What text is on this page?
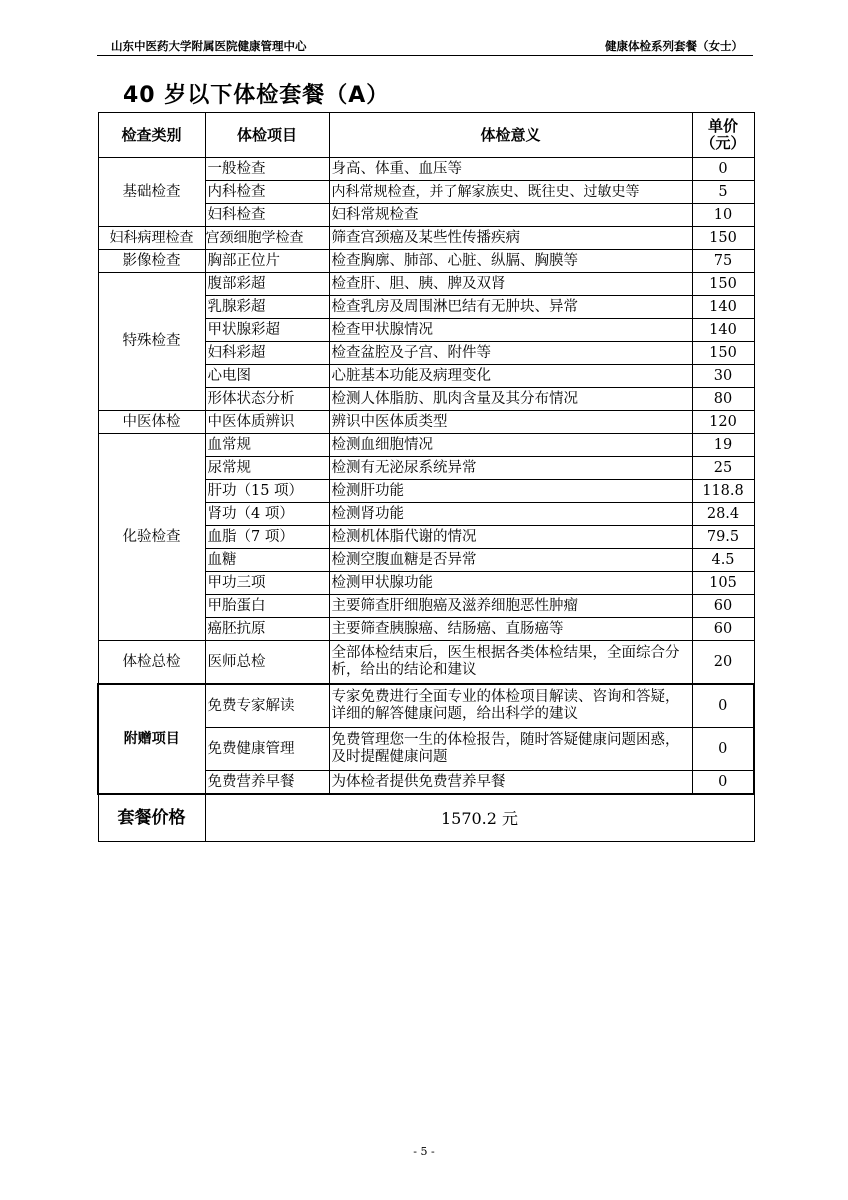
山东中医药大学附属医院健康管理中心	健康体检系列套餐（女士）
40 岁以下体检套餐（A）
检查类别	体检项目	体检意义	单价
（元）
基础检查	一般检查	身高、体重、血压等	0
	内科检查	内科常规检查，并了解家族史、既往史、过敏史等	5
	妇科检查	妇科常规检查	10
妇科病理检查	宫颈细胞学检查	筛查宫颈癌及某些性传播疾病	150
影像检查	胸部正位片	检查胸廓、肺部、心脏、纵膈、胸膜等	75
特殊检查	腹部彩超	检查肝、胆、胰、脾及双肾	150
	乳腺彩超	检查乳房及周围淋巴结有无肿块、异常	140
	甲状腺彩超	检查甲状腺情况	140
	妇科彩超	检查盆腔及子宫、附件等	150
	心电图	心脏基本功能及病理变化	30
	形体状态分析	检测人体脂肪、肌肉含量及其分布情况	80
中医体检	中医体质辨识	辨识中医体质类型	120
化验检查	血常规	检测血细胞情况	19
	尿常规	检测有无泌尿系统异常	25
	肝功（15 项）	检测肝功能	118.8
	肾功（4 项）	检测肾功能	28.4
	血脂（7 项）	检测机体脂代谢的情况	79.5
	血糖	检测空腹血糖是否异常	4.5
	甲功三项	检测甲状腺功能	105
	甲胎蛋白	主要筛查肝细胞癌及滋养细胞恶性肿瘤	60
	癌胚抗原	主要筛查胰腺癌、结肠癌、直肠癌等	60
体检总检	医师总检	全部体检结束后，医生根据各类体检结果，全面综合分析，给出的结论和建议	20
附赠项目	免费专家解读	专家免费进行全面专业的体检项目解读、咨询和答疑，详细的解答健康问题，给出科学的建议	0
	免费健康管理	免费管理您一生的体检报告，随时答疑健康问题困惑，及时提醒健康问题	0
	免费营养早餐	为体检者提供免费营养早餐	0
套餐价格	1570.2 元		
- 5 -
